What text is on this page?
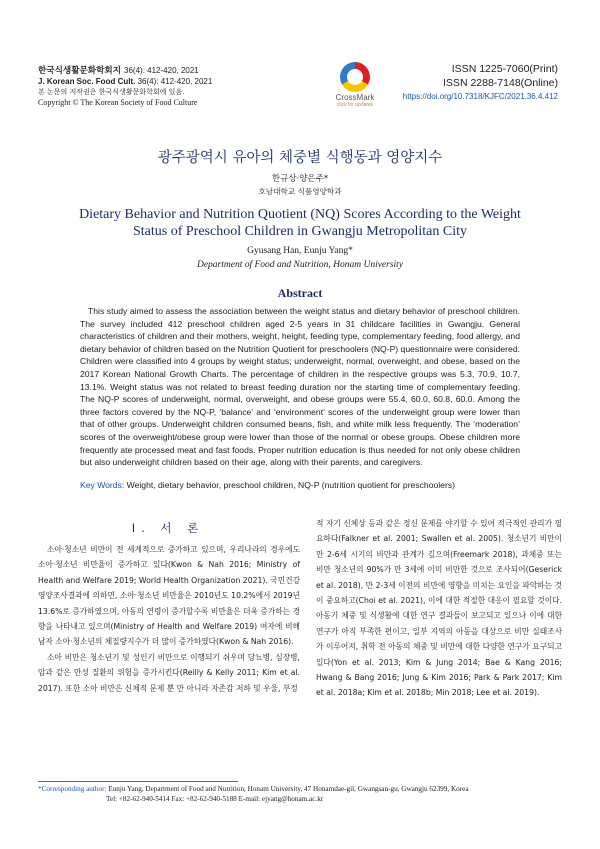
한국식생활문화학회지 36(4): 412-420, 2021
J. Korean Soc. Food Cult. 36(4): 412-420, 2021
본 논문의 저작권은 한국식생활문화학회에 있음.
Copyright © The Korean Society of Food Culture	CrossMark
click for updates
ISSN 1225-7060(Print)
ISSN 2288-7148(Online)
https://doi.org/10.7318/KJFC/2021.36.4.412
광주광역시 유아의 체중별 식행동과 영양지수
한규상·양은주*
호남대학교 식품영양학과
Dietary Behavior and Nutrition Quotient (NQ) Scores According to the Weight Status of Preschool Children in Gwangju Metropolitan City
Gyusang Han, Eunju Yang*
Department of Food and Nutrition, Honam University
Abstract
This study aimed to assess the association between the weight status and dietary behavior of preschool children. The survey included 412 preschool children aged 2-5 years in 31 childcare facilities in Gwangju. General characteristics of children and their mothers, weight, height, feeding type, complementary feeding, food allergy, and dietary behavior of children based on the Nutrition Quotient for preschoolers (NQ-P) questionnaire were considered. Children were classified into 4 groups by weight status; underweight, normal, overweight, and obese, based on the 2017 Korean National Growth Charts. The percentage of children in the respective groups was 5.3, 70.9, 10.7, 13.1%. Weight status was not related to breast feeding duration nor the starting time of complementary feeding. The NQ-P scores of underweight, normal, overweight, and obese groups were 55.4, 60.0, 60.8, 60.0. Among the three factors covered by the NQ-P, ‘balance’ and ‘environment’ scores of the underweight group were lower than that of other groups. Underweight children consumed beans, fish, and white milk less frequently. The ‘moderation’ scores of the overweight/obese group were lower than those of the normal or obese groups. Obese children more frequently ate processed meat and fast foods. Proper nutrition education is thus needed for not only obese children but also underweight children based on their age, along with their parents, and caregivers.
Key Words: Weight, dietary behavior, preschool children, NQ-P (nutrition quotient for preschoolers)
I. 서 론

소아·청소년 비만이 전 세계적으로 증가하고 있으며, 우리나라의 경우에도 소아·청소년 비만율이 증가하고 있다(Kwon & Nah 2016; Ministry of Health and Welfare 2019; World Health Organization 2021). 국민건강영양조사결과에 의하면, 소아·청소년 비만율은 2010년도 10.2%에서 2019년 13.6%로 증가하였으며, 아동의 연령이 증가할수록 비만율은 더욱 증가하는 경향을 나타내고 있으며(Ministry of Health and Welfare 2019) 여자에 비해 남자 소아·청소년의 체질량지수가 더 많이 증가하였다(Kwon & Nah 2016).

소아 비만은 청소년기 및 성인기 비만으로 이행되기 쉬우며 당뇨병, 심장병, 암과 같은 만성 질환의 위험을 증가시킨다(Reilly & Kelly 2011; Kim et al. 2017). 또한 소아 비만은 신체적 문제 뿐 만 아니라 자존감 저하 및 우울, 부정

적 자기 신체상 등과 같은 정신 문제를 야기할 수 있어 적극적인 관리가 필요하다(Falkner et al. 2001; Swallen et al. 2005). 청소년기 비만이 만 2-6세 시기의 비만과 관계가 깊으며(Freemark 2018), 과체중 또는 비만 청소년의 90%가 만 3세에 이미 비만한 것으로 조사되어(Geserick et al. 2018), 만 2-3세 이전의 비만에 영향을 미치는 요인을 파악하는 것이 중요하고(Choi et al. 2021), 이에 대한 적절한 대응이 필요할 것이다. 아동기 체중 및 식생활에 대한 연구 결과들이 보고되고 있으나 이에 대한 연구가 아직 부족한 편이고, 일부 지역의 아동을 대상으로 비만 실태조사가 이루어져, 취학 전 아동의 체중 및 비만에 대한 다양한 연구가 요구되고 있다(Yon et al. 2013; Kim & Jung 2014; Bae & Kang 2016; Hwang & Bang 2016; Jung & Kim 2016; Park & Park 2017; Kim et al. 2018a; Kim et al. 2018b; Min 2018; Lee et al. 2019).

*Corresponding author: Eunju Yang, Department of Food and Nutrition, Honam University, 47 Honamdae-gil, Gwangsan-gu, Gwangju 62399, Korea
Tel: +82-62-940-5414 Fax: +82-62-940-5188 E-mail: ejyang@honam.ac.kr
